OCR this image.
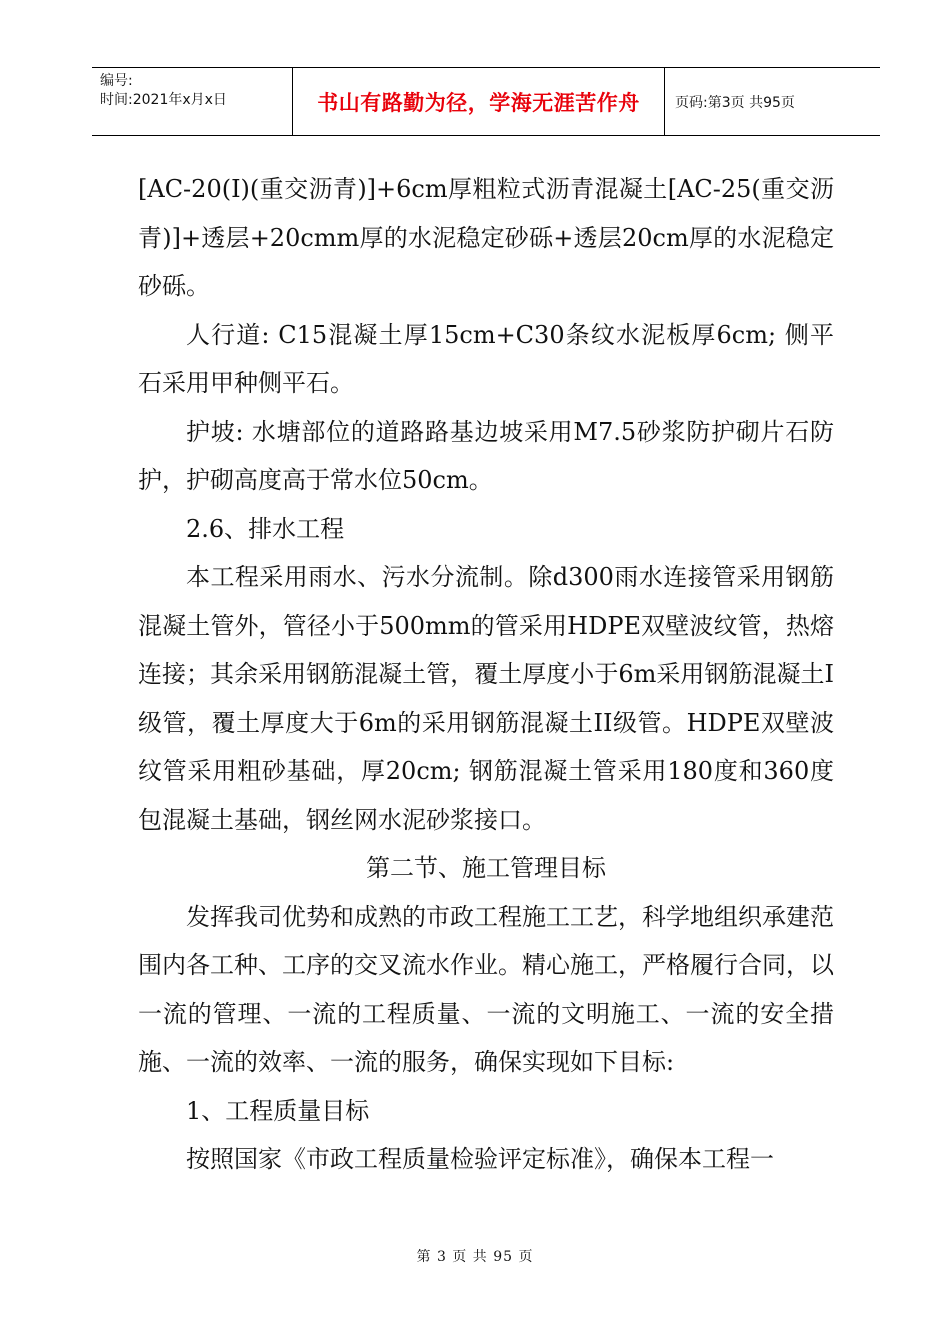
编号:
时间:2021年x月x日	书山有路勤为径，学海无涯苦作舟	页码:第3页 共95页

[AC-20(I)(重交沥青)]+6cm厚粗粒式沥青混凝土[AC-25(重交沥青)]+透层+20cmm厚的水泥稳定砂砾+透层20cm厚的水泥稳定砂砾。

人行道: C15混凝土厚15cm+C30条纹水泥板厚6cm; 侧平石采用甲种侧平石。

护坡: 水塘部位的道路路基边坡采用M7.5砂浆防护砌片石防护，护砌高度高于常水位50cm。

2.6、排水工程

本工程采用雨水、污水分流制。除d300雨水连接管采用钢筋混凝土管外，管径小于500mm的管采用HDPE双壁波纹管，热熔连接；其余采用钢筋混凝土管，覆土厚度小于6m采用钢筋混凝土I级管，覆土厚度大于6m的采用钢筋混凝土II级管。HDPE双壁波纹管采用粗砂基础，厚20cm; 钢筋混凝土管采用180度和360度包混凝土基础，钢丝网水泥砂浆接口。

第二节、施工管理目标

发挥我司优势和成熟的市政工程施工工艺，科学地组织承建范围内各工种、工序的交叉流水作业。精心施工，严格履行合同，以一流的管理、一流的工程质量、一流的文明施工、一流的安全措施、一流的效率、一流的服务，确保实现如下目标:

1、工程质量目标

按照国家《市政工程质量检验评定标准》，确保本工程一

第 3 页 共 95 页
